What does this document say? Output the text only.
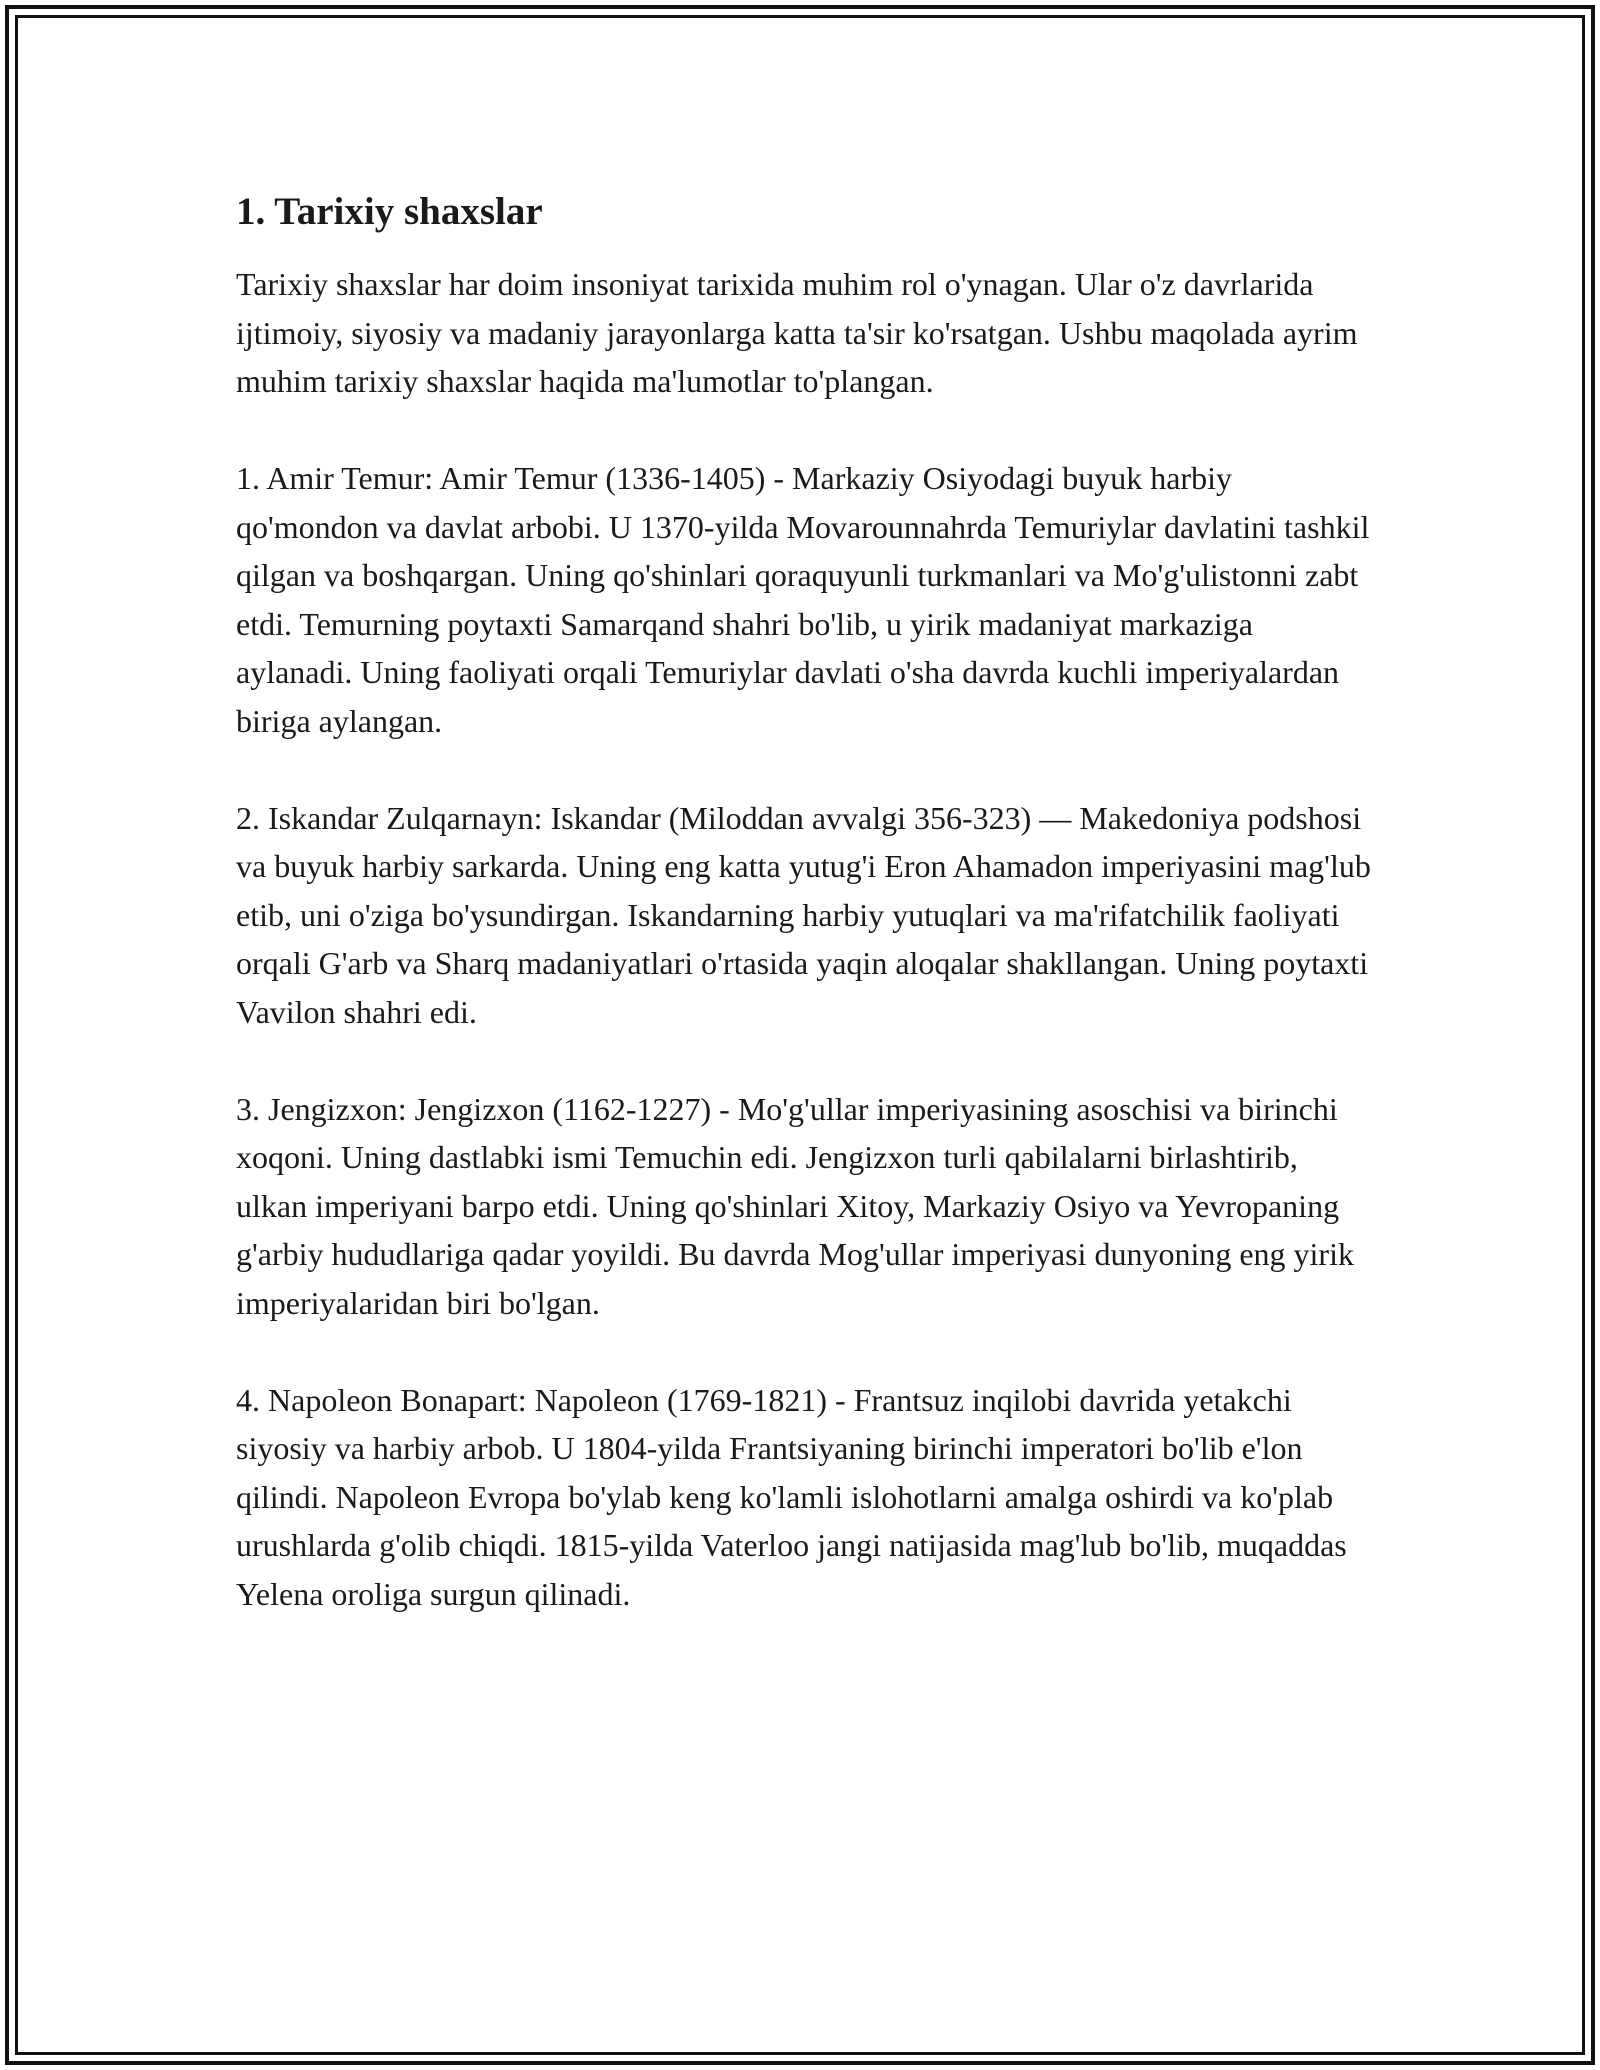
1. Tarixiy shaxslar

Tarixiy shaxslar har doim insoniyat tarixida muhim rol o'ynagan. Ular o'z davrlarida ijtimoiy, siyosiy va madaniy jarayonlarga katta ta'sir ko'rsatgan. Ushbu maqolada ayrim muhim tarixiy shaxslar haqida ma'lumotlar to'plangan.

1. Amir Temur: Amir Temur (1336-1405) - Markaziy Osiyodagi buyuk harbiy qo'mondon va davlat arbobi. U 1370-yilda Movarounnahrda Temuriylar davlatini tashkil qilgan va boshqargan. Uning qo'shinlari qoraquyunli turkmanlari va Mo'g'ulistonni zabt etdi. Temurning poytaxti Samarqand shahri bo'lib, u yirik madaniyat markaziga aylanadi. Uning faoliyati orqali Temuriylar davlati o'sha davrda kuchli imperiyalardan biriga aylangan.

2. Iskandar Zulqarnayn: Iskandar (Miloddan avvalgi 356-323) — Makedoniya podshosi va buyuk harbiy sarkarda. Uning eng katta yutug'i Eron Ahamadon imperiyasini mag'lub etib, uni o'ziga bo'ysundirgan. Iskandarning harbiy yutuqlari va ma'rifatchilik faoliyati orqali G'arb va Sharq madaniyatlari o'rtasida yaqin aloqalar shakllangan. Uning poytaxti Vavilon shahri edi.

3. Jengizxon: Jengizxon (1162-1227) - Mo'g'ullar imperiyasining asoschisi va birinchi xoqoni. Uning dastlabki ismi Temuchin edi. Jengizxon turli qabilalarni birlashtirib, ulkan imperiyani barpo etdi. Uning qo'shinlari Xitoy, Markaziy Osiyo va Yevropaning g'arbiy hududlariga qadar yoyildi. Bu davrda Mog'ullar imperiyasi dunyoning eng yirik imperiyalaridan biri bo'lgan.

4. Napoleon Bonapart: Napoleon (1769-1821) - Frantsuz inqilobi davrida yetakchi siyosiy va harbiy arbob. U 1804-yilda Frantsiyaning birinchi imperatori bo'lib e'lon qilindi. Napoleon Evropa bo'ylab keng ko'lamli islohotlarni amalga oshirdi va ko'plab urushlarda g'olib chiqdi. 1815-yilda Vaterloo jangi natijasida mag'lub bo'lib, muqaddas Yelena oroliga surgun qilinadi.
